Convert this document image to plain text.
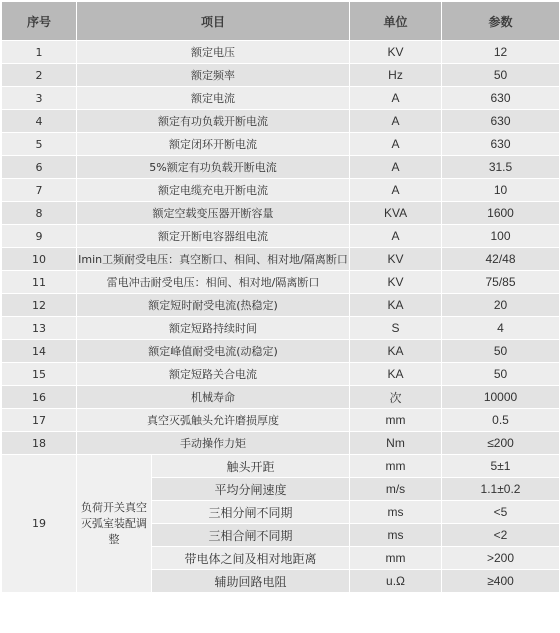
序号	项目		单位	参数
1	额定电压		KV	12
2	额定频率		Hz	50
3	额定电流		A	630
4	额定有功负载开断电流		A	630
5	额定闭环开断电流		A	630
6	5%额定有功负载开断电流		A	31.5
7	额定电缆充电开断电流		A	10
8	额定空载变压器开断容量		KVA	1600
9	额定开断电容器组电流		A	100
10	Imin工频耐受电压：真空断口、相间、相对地/隔离断口		KV	42/48
11	雷电冲击耐受电压：相间、相对地/隔离断口		KV	75/85
12	额定短时耐受电流(热稳定)		KA	20
13	额定短路持续时间		S	4
14	额定峰值耐受电流(动稳定)		KA	50
15	额定短路关合电流		KA	50
16	机械寿命		次	10000
17	真空灭弧触头允许磨损厚度		mm	0.5
18	手动操作力矩		Nm	≤200
19	负荷开关真空灭弧室装配调整	触头开距	mm	5±1
		平均分闸速度	m/s	1.1±0.2
		三相分闸不同期	ms	<5
		三相合闸不同期	ms	<2
		带电体之间及相对地距离	mm	>200
		辅助回路电阻	u.Ω	≥400
